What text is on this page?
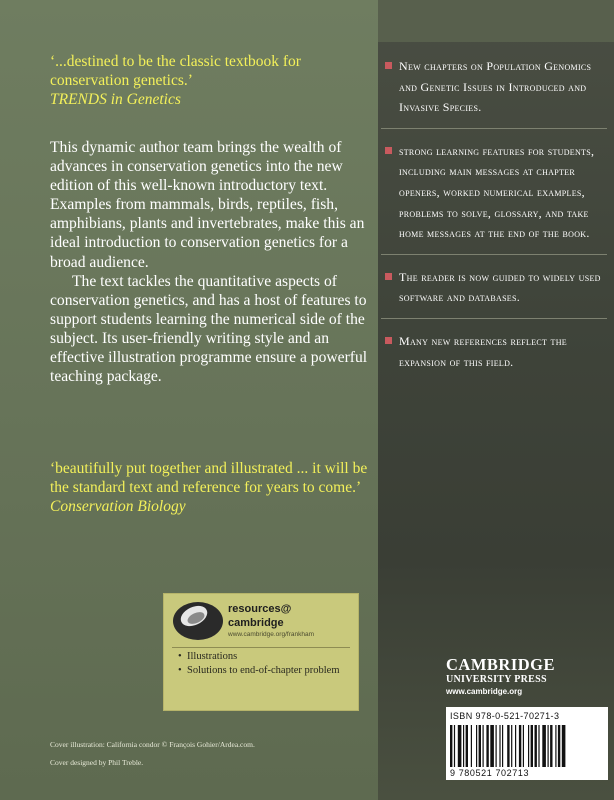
‘...destined to be the classic textbook for conservation genetics.’
TRENDS in Genetics

This dynamic author team brings the wealth of advances in conservation genetics into the new edition of this well-known introductory text. Examples from mammals, birds, reptiles, fish, amphibians, plants and invertebrates, make this an ideal introduction to conservation genetics for a broad audience.

The text tackles the quantitative aspects of conservation genetics, and has a host of features to support students learning the numerical side of the subject. Its user-friendly writing style and an effective illustration programme ensure a powerful teaching package.

‘beautifully put together and illustrated ... it will be the standard text and reference for years to come.’ Conservation Biology
New chapters on Population Genomics and Genetic Issues in Introduced and Invasive Species.
strong learning features for students, including main messages at chapter openers, worked numerical examples, problems to solve, glossary, and take home messages at the end of the book.
The reader is now guided to widely used software and databases.
Many new references reflect the expansion of this field.
resources@
cambridge
www.cambridge.org/frankham
• Illustrations
• Solutions to end-of-chapter problem
Cover illustration: California condor © François Gohier/Ardea.com.
Cover designed by Phil Treble.
CAMBRIDGE
UNIVERSITY PRESS
www.cambridge.org
ISBN 978-0-521-70271-3
9 780521 702713
